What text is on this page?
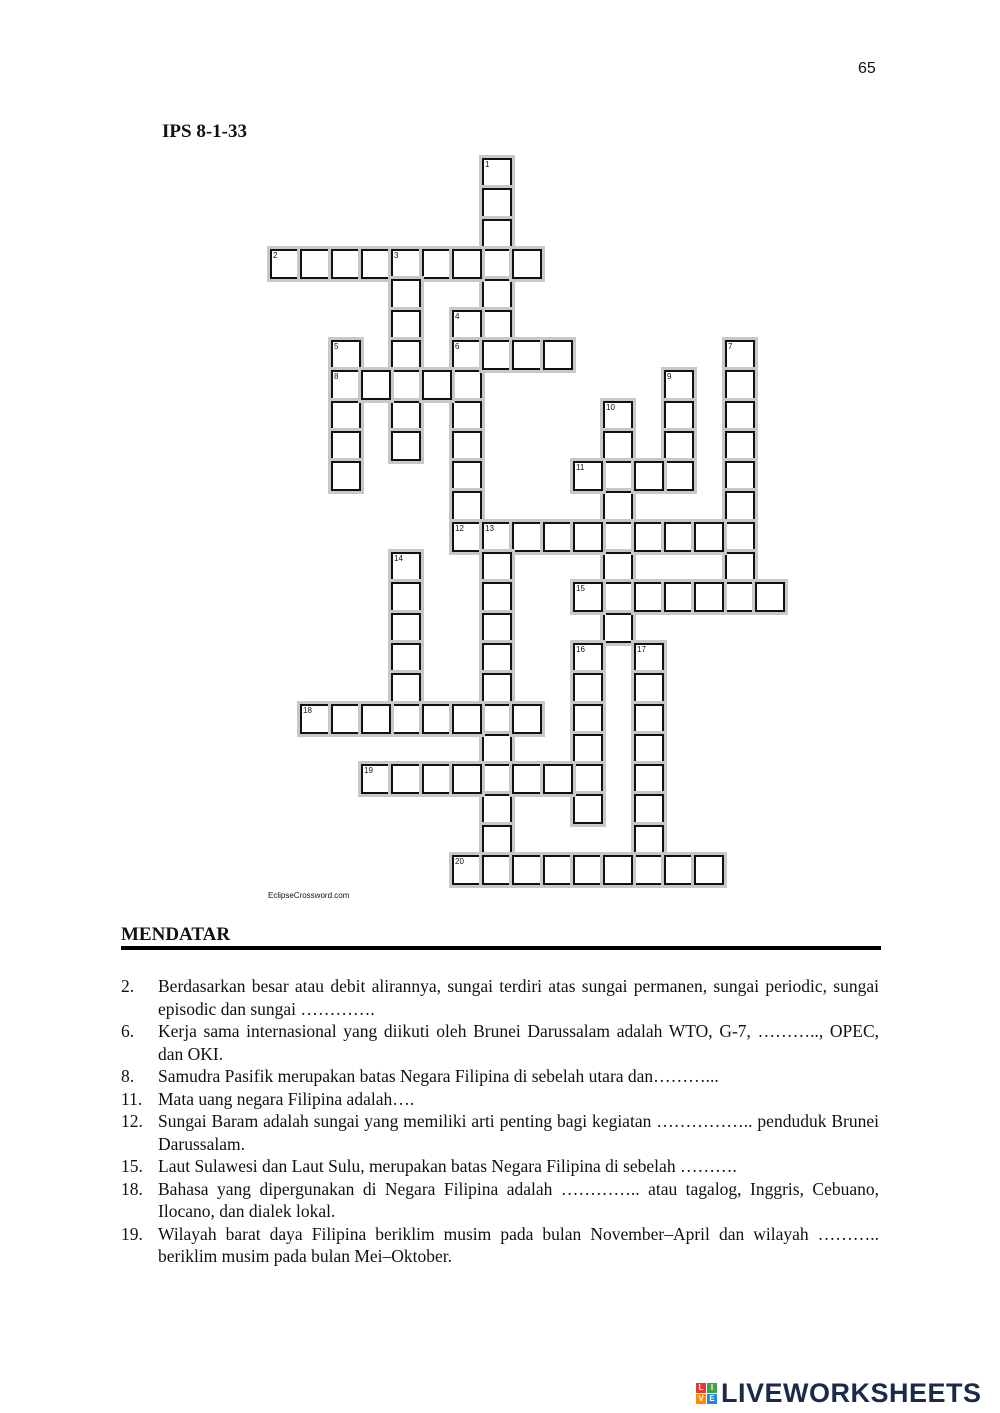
65
IPS 8-1-33
1
2	3
4
6
12
5
8
7
9
10
11
13
14
15
16	17
18
19
20
EclipseCrossword.com
MENDATAR
2. Berdasarkan besar atau debit alirannya, sungai terdiri atas sungai permanen, sungai periodic, sungai episodic dan sungai ………….
6. Kerja sama internasional yang diikuti oleh Brunei Darussalam adalah WTO, G-7, ……….., OPEC, dan OKI.
8. Samudra Pasifik merupakan batas Negara Filipina di sebelah utara dan………...
11. Mata uang negara Filipina adalah….
12. Sungai Baram adalah sungai yang memiliki arti penting bagi kegiatan …………….. penduduk Brunei Darussalam.
15. Laut Sulawesi dan Laut Sulu, merupakan batas Negara Filipina di sebelah ……….
18. Bahasa yang dipergunakan di Negara Filipina adalah ………….. atau tagalog, Inggris, Cebuano, Ilocano, dan dialek lokal.
19. Wilayah barat daya Filipina beriklim musim pada bulan November–April dan wilayah ……….. beriklim musim pada bulan Mei–Oktober.
L I
V E LIVEWORKSHEETS
